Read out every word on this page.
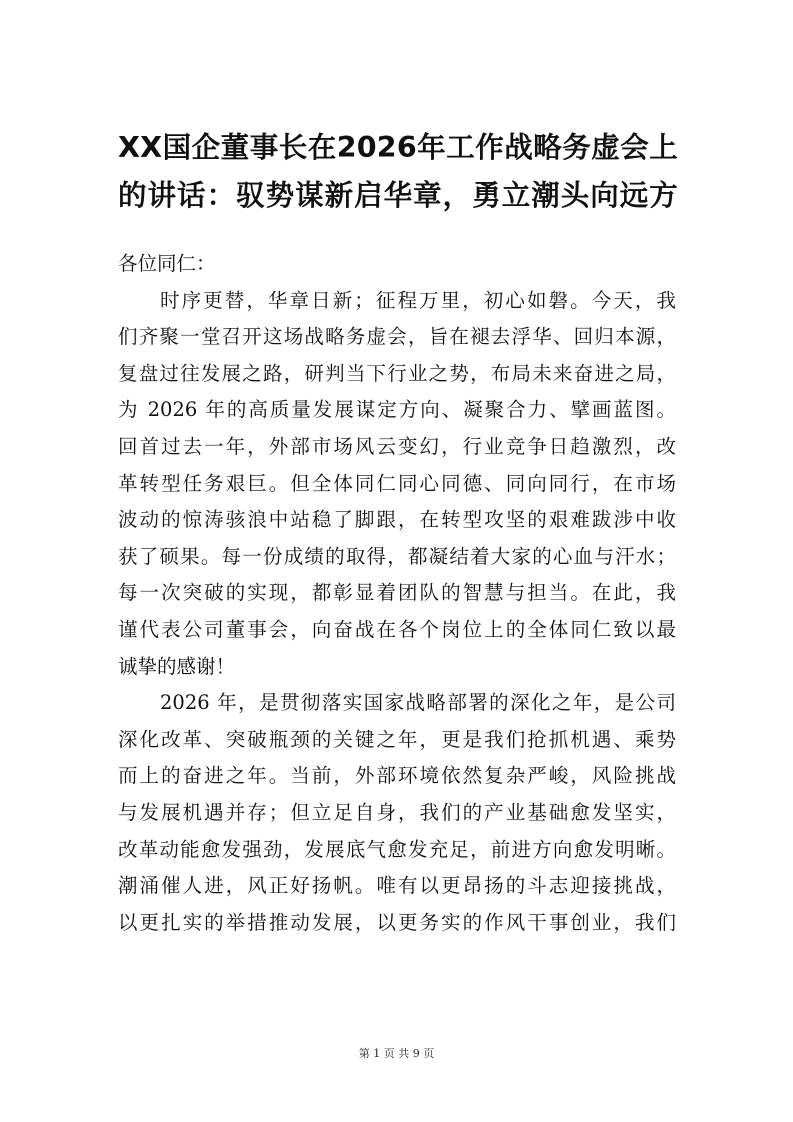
XX国企董事长在2026年工作战略务虚会上
的讲话：驭势谋新启华章，勇立潮头向远方
各位同仁：
时序更替，华章日新；征程万里，初心如磐。今天，我
们齐聚一堂召开这场战略务虚会，旨在褪去浮华、回归本源，
复盘过往发展之路，研判当下行业之势，布局未来奋进之局，
为 2026 年的高质量发展谋定方向、凝聚合力、擘画蓝图。
回首过去一年，外部市场风云变幻，行业竞争日趋激烈，改
革转型任务艰巨。但全体同仁同心同德、同向同行，在市场
波动的惊涛骇浪中站稳了脚跟，在转型攻坚的艰难跋涉中收
获了硕果。每一份成绩的取得，都凝结着大家的心血与汗水；
每一次突破的实现，都彰显着团队的智慧与担当。在此，我
谨代表公司董事会，向奋战在各个岗位上的全体同仁致以最
诚挚的感谢！
2026 年，是贯彻落实国家战略部署的深化之年，是公司
深化改革、突破瓶颈的关键之年，更是我们抢抓机遇、乘势
而上的奋进之年。当前，外部环境依然复杂严峻，风险挑战
与发展机遇并存；但立足自身，我们的产业基础愈发坚实，
改革动能愈发强劲，发展底气愈发充足，前进方向愈发明晰。
潮涌催人进，风正好扬帆。唯有以更昂扬的斗志迎接挑战，
以更扎实的举措推动发展，以更务实的作风干事创业，我们
第 1 页 共 9 页
